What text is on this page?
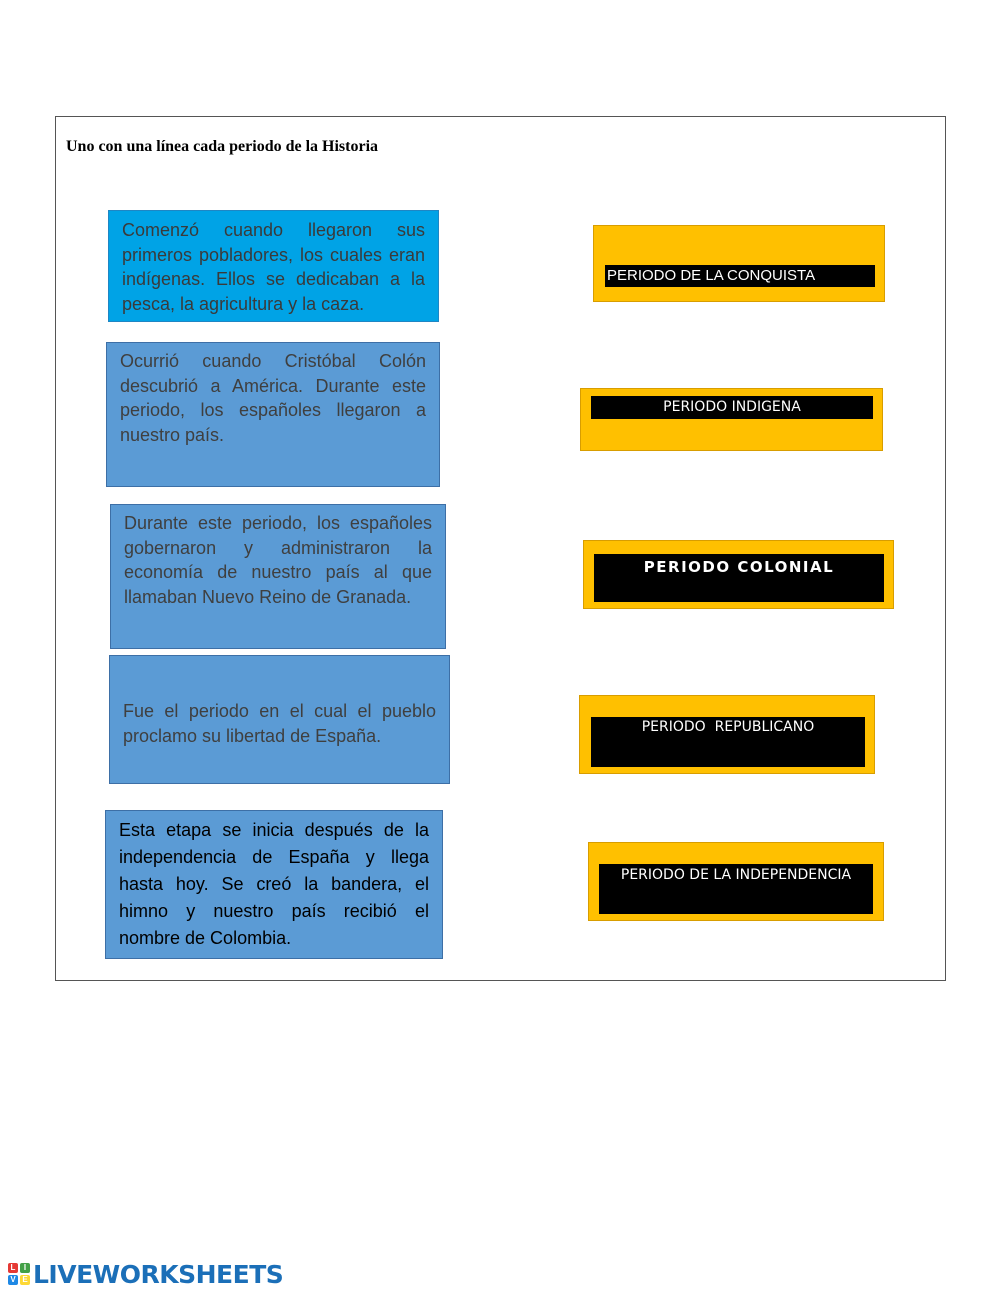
Uno con una línea cada periodo de la Historia
Comenzó cuando llegaron sus primeros pobladores, los cuales eran indígenas. Ellos se dedicaban a la pesca, la agricultura y la caza.
Ocurrió cuando Cristóbal Colón descubrió a América. Durante este periodo, los españoles llegaron a nuestro país.
Durante este periodo, los españoles gobernaron y administraron la economía de nuestro país al que llamaban Nuevo Reino de Granada.
Fue el periodo en el cual el pueblo proclamo su libertad de España.
Esta etapa se inicia después de la independencia de España y llega hasta hoy. Se creó la bandera, el himno y nuestro país recibió el nombre de Colombia.
PERIODO DE LA CONQUISTA
PERIODO INDIGENA
PERIODO COLONIAL
PERIODO  REPUBLICANO
PERIODO DE LA INDEPENDENCIA
L	I
V E LIVEWORKSHEETS
